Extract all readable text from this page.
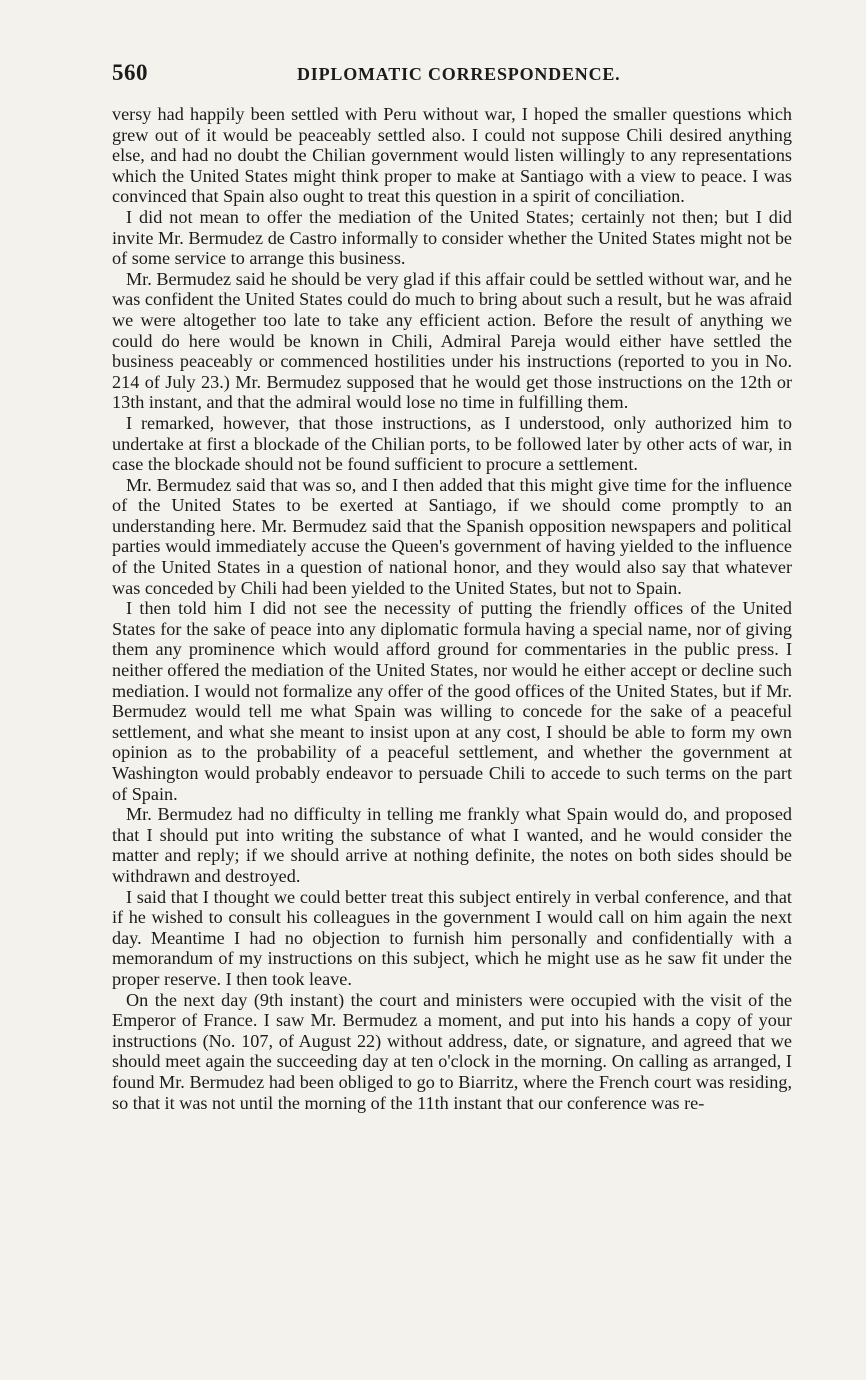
560	DIPLOMATIC CORRESPONDENCE.

versy had happily been settled with Peru without war, I hoped the smaller questions which grew out of it would be peaceably settled also. I could not suppose Chili desired anything else, and had no doubt the Chilian government would listen willingly to any representations which the United States might think proper to make at Santiago with a view to peace. I was convinced that Spain also ought to treat this question in a spirit of conciliation.

I did not mean to offer the mediation of the United States; certainly not then; but I did invite Mr. Bermudez de Castro informally to consider whether the United States might not be of some service to arrange this business.

Mr. Bermudez said he should be very glad if this affair could be settled without war, and he was confident the United States could do much to bring about such a result, but he was afraid we were altogether too late to take any efficient action. Before the result of anything we could do here would be known in Chili, Admiral Pareja would either have settled the business peaceably or commenced hostilities under his instructions (reported to you in No. 214 of July 23.) Mr. Bermudez supposed that he would get those instructions on the 12th or 13th instant, and that the admiral would lose no time in fulfilling them.

I remarked, however, that those instructions, as I understood, only authorized him to undertake at first a blockade of the Chilian ports, to be followed later by other acts of war, in case the blockade should not be found sufficient to procure a settlement.

Mr. Bermudez said that was so, and I then added that this might give time for the influence of the United States to be exerted at Santiago, if we should come promptly to an understanding here. Mr. Bermudez said that the Spanish opposition newspapers and political parties would immediately accuse the Queen's government of having yielded to the influence of the United States in a question of national honor, and they would also say that whatever was conceded by Chili had been yielded to the United States, but not to Spain.

I then told him I did not see the necessity of putting the friendly offices of the United States for the sake of peace into any diplomatic formula having a special name, nor of giving them any prominence which would afford ground for commentaries in the public press. I neither offered the mediation of the United States, nor would he either accept or decline such mediation. I would not formalize any offer of the good offices of the United States, but if Mr. Bermudez would tell me what Spain was willing to concede for the sake of a peaceful settlement, and what she meant to insist upon at any cost, I should be able to form my own opinion as to the probability of a peaceful settlement, and whether the government at Washington would probably endeavor to persuade Chili to accede to such terms on the part of Spain.

Mr. Bermudez had no difficulty in telling me frankly what Spain would do, and proposed that I should put into writing the substance of what I wanted, and he would consider the matter and reply; if we should arrive at nothing definite, the notes on both sides should be withdrawn and destroyed.

I said that I thought we could better treat this subject entirely in verbal conference, and that if he wished to consult his colleagues in the government I would call on him again the next day. Meantime I had no objection to furnish him personally and confidentially with a memorandum of my instructions on this subject, which he might use as he saw fit under the proper reserve. I then took leave.

On the next day (9th instant) the court and ministers were occupied with the visit of the Emperor of France. I saw Mr. Bermudez a moment, and put into his hands a copy of your instructions (No. 107, of August 22) without address, date, or signature, and agreed that we should meet again the succeeding day at ten o'clock in the morning. On calling as arranged, I found Mr. Bermudez had been obliged to go to Biarritz, where the French court was residing, so that it was not until the morning of the 11th instant that our conference was re-
